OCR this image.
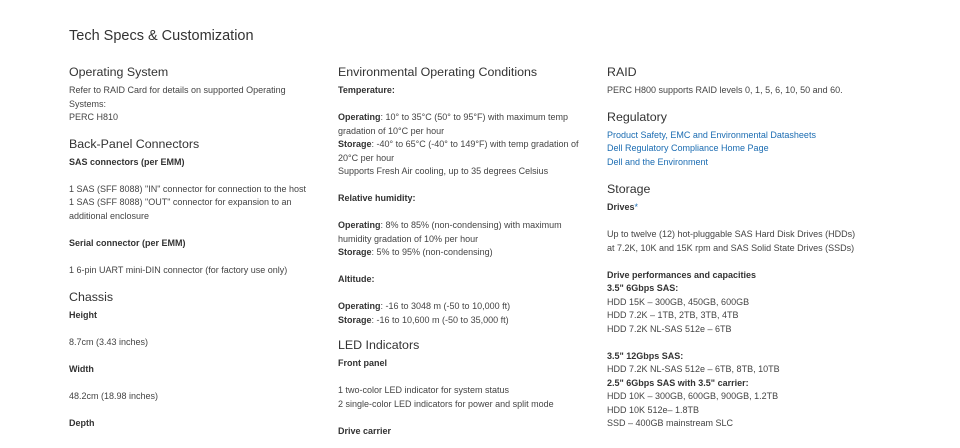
Tech Specs & Customization
Operating System

Refer to RAID Card for details on supported Operating Systems:

PERC H810

Back-Panel Connectors

SAS connectors (per EMM)

1 SAS (SFF 8088) "IN" connector for connection to the host

1 SAS (SFF 8088) "OUT" connector for expansion to an additional enclosure

Serial connector (per EMM)

1 6-pin UART mini-DIN connector (for factory use only)

Chassis

Height

8.7cm (3.43 inches)

Width

48.2cm (18.98 inches)

Depth

Environmental Operating Conditions

Temperature:

Operating: 10° to 35°C (50° to 95°F) with maximum temp gradation of 10°C per hour

Storage: -40° to 65°C (-40° to 149°F) with temp gradation of 20°C per hour

Supports Fresh Air cooling, up to 35 degrees Celsius

Relative humidity:

Operating: 8% to 85% (non-condensing) with maximum humidity gradation of 10% per hour

Storage: 5% to 95% (non-condensing)

Altitude:

Operating: -16 to 3048 m (-50 to 10,000 ft)

Storage: -16 to 10,600 m (-50 to 35,000 ft)

LED Indicators

Front panel

1 two-color LED indicator for system status

2 single-color LED indicators for power and split mode

Drive carrier

RAID

PERC H800 supports RAID levels 0, 1, 5, 6, 10, 50 and 60.

Regulatory
Product Safety, EMC and Environmental Datasheets
Dell Regulatory Compliance Home Page
Dell and the Environment
Storage

Drives*

Up to twelve (12) hot-pluggable SAS Hard Disk Drives (HDDs) at 7.2K, 10K and 15K rpm and SAS Solid State Drives (SSDs)

Drive performances and capacities

3.5" 6Gbps SAS:

HDD 15K – 300GB, 450GB, 600GB

HDD 7.2K – 1TB, 2TB, 3TB, 4TB

HDD 7.2K NL-SAS 512e – 6TB

3.5" 12Gbps SAS:

HDD 7.2K NL-SAS 512e – 6TB, 8TB, 10TB

2.5" 6Gbps SAS with 3.5" carrier:

HDD 10K – 300GB, 600GB, 900GB, 1.2TB

HDD 10K 512e– 1.8TB

SSD – 400GB mainstream SLC
